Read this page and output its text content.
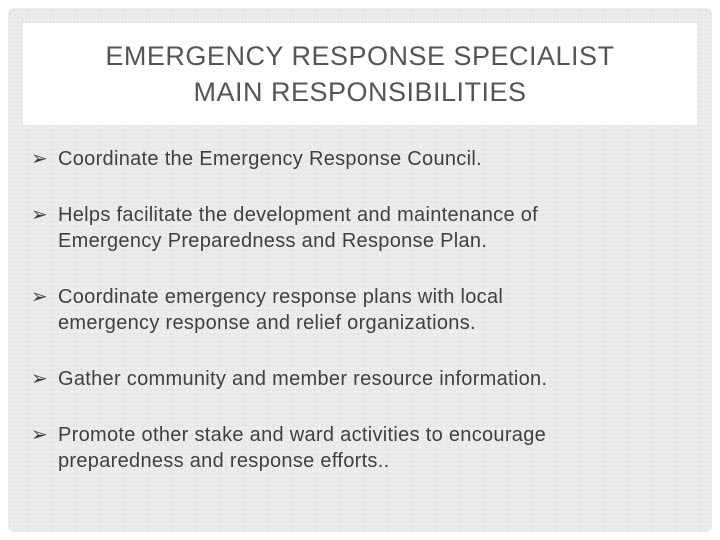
EMERGENCY RESPONSE SPECIALIST
MAIN RESPONSIBILITIES
➢ Coordinate the Emergency Response Council.
➢ Helps facilitate the development and maintenance of
Emergency Preparedness and Response Plan.
➢ Coordinate emergency response plans with local
emergency response and relief organizations.
➢ Gather community and member resource information.
➢ Promote other stake and ward activities to encourage
preparedness and response efforts..
